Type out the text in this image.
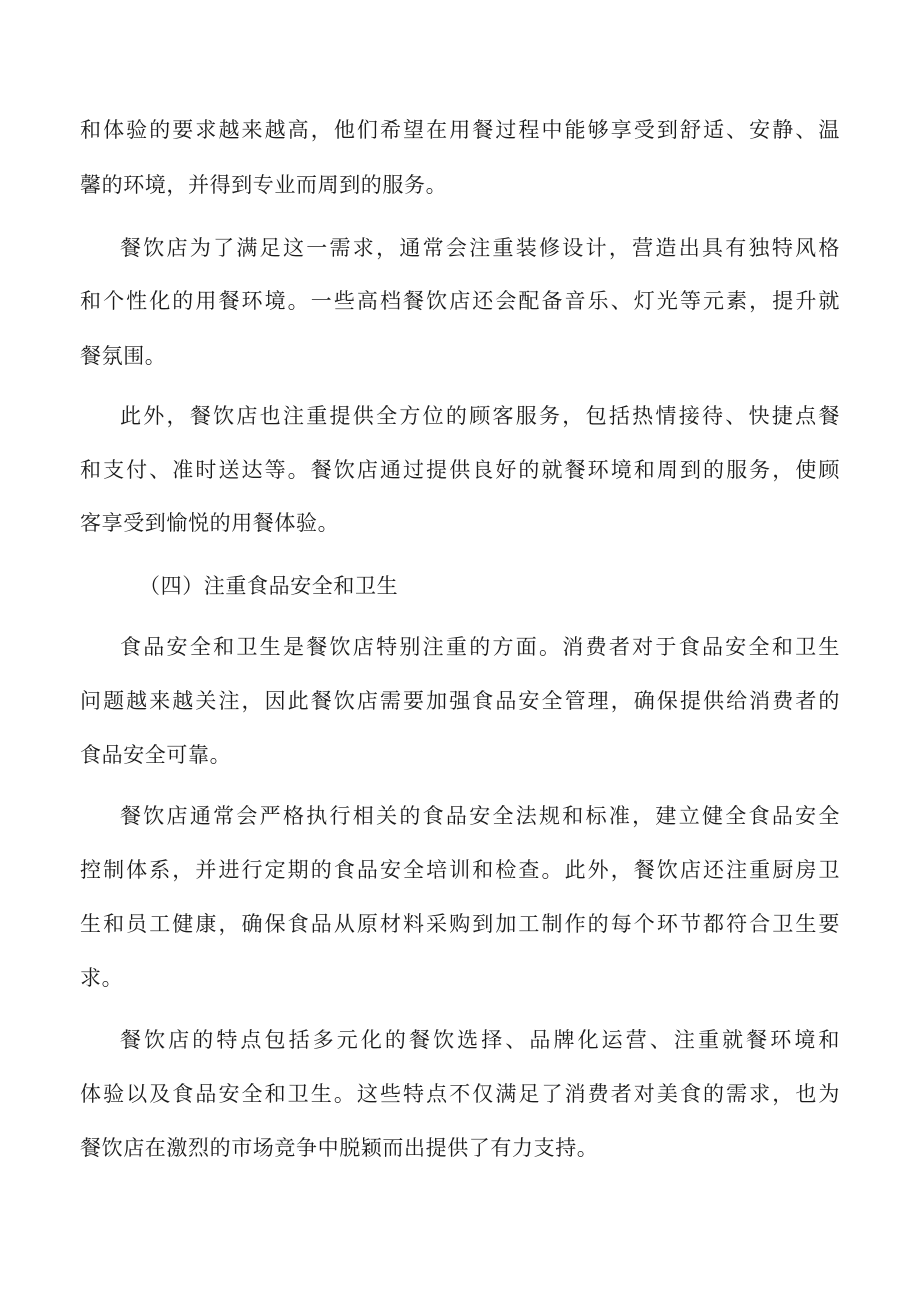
和体验的要求越来越高，他们希望在用餐过程中能够享受到舒适、安静、温
馨的环境，并得到专业而周到的服务。
餐饮店为了满足这一需求，通常会注重装修设计，营造出具有独特风格
和个性化的用餐环境。一些高档餐饮店还会配备音乐、灯光等元素，提升就
餐氛围。
此外，餐饮店也注重提供全方位的顾客服务，包括热情接待、快捷点餐
和支付、准时送达等。餐饮店通过提供良好的就餐环境和周到的服务，使顾
客享受到愉悦的用餐体验。
（四）注重食品安全和卫生
食品安全和卫生是餐饮店特别注重的方面。消费者对于食品安全和卫生
问题越来越关注，因此餐饮店需要加强食品安全管理，确保提供给消费者的
食品安全可靠。
餐饮店通常会严格执行相关的食品安全法规和标准，建立健全食品安全
控制体系，并进行定期的食品安全培训和检查。此外，餐饮店还注重厨房卫
生和员工健康，确保食品从原材料采购到加工制作的每个环节都符合卫生要
求。
餐饮店的特点包括多元化的餐饮选择、品牌化运营、注重就餐环境和
体验以及食品安全和卫生。这些特点不仅满足了消费者对美食的需求，也为
餐饮店在激烈的市场竞争中脱颖而出提供了有力支持。
